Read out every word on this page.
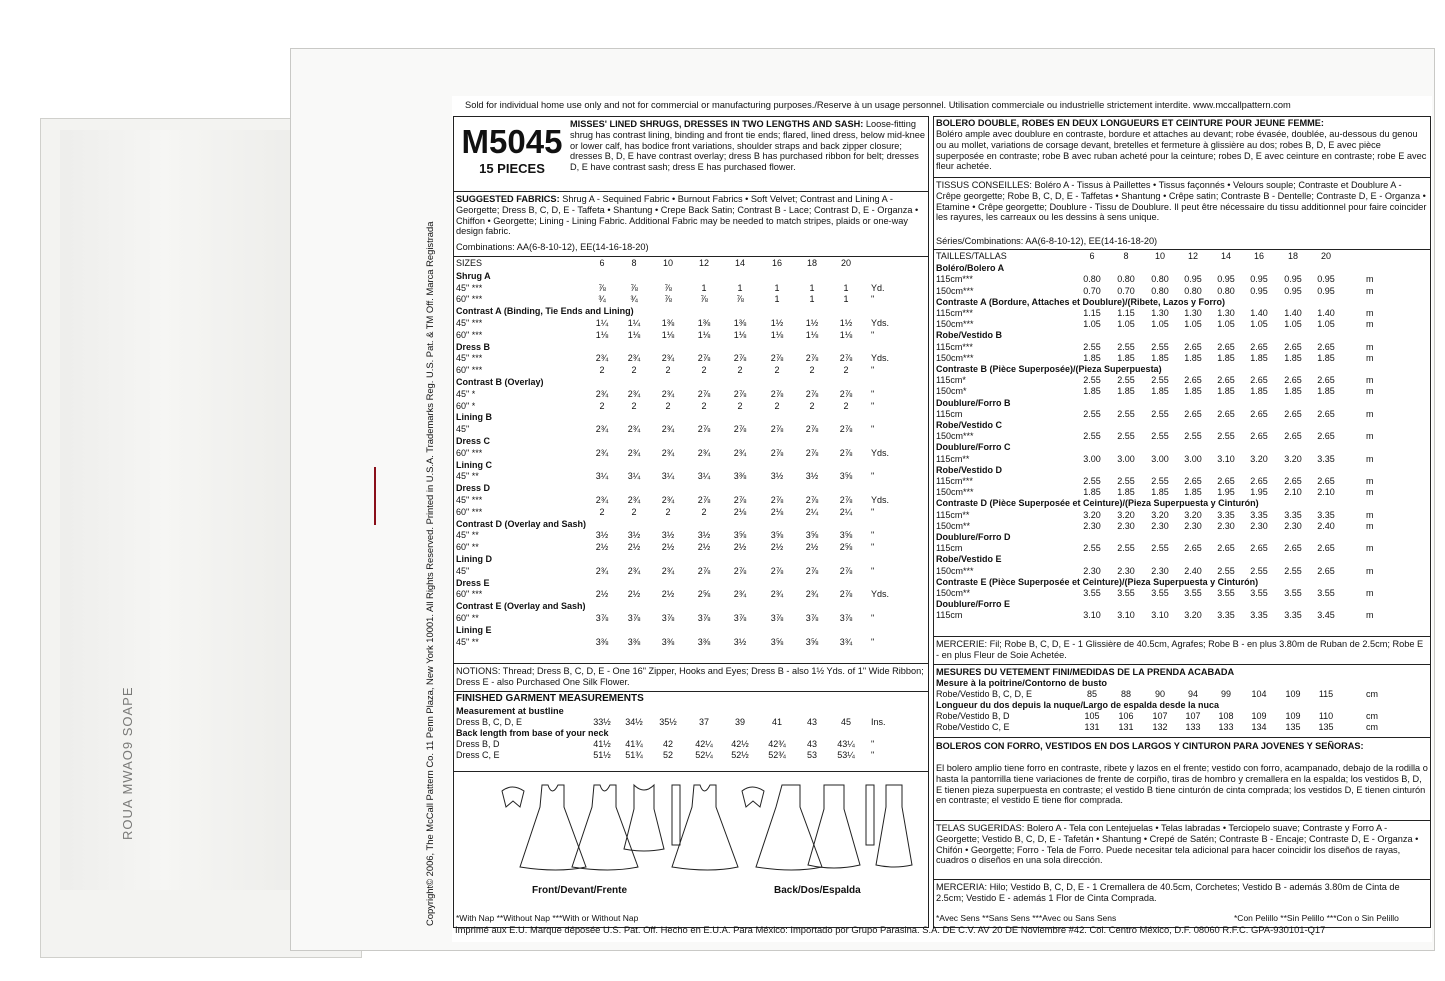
ROUA MWAO9 SOAPE
Sold for individual home use only and not for commercial or manufacturing purposes./Reserve à un usage personnel. Utilisation commerciale ou industrielle strictement interdite. www.mccallpattern.com
Copyright© 2006, The McCall Pattern Co. 11 Penn Plaza, New York 10001. All Rights Reserved. Printed in U.S.A. Trademarks Reg. U.S. Pat. & TM Off. Marca Registrada
M5045
15 PIECES
MISSES' LINED SHRUGS, DRESSES IN TWO LENGTHS AND SASH: Loose-fitting shrug has contrast lining, binding and front tie ends; flared, lined dress, below mid-knee or lower calf, has bodice front variations, shoulder straps and back zipper closure; dresses B, D, E have contrast overlay; dress B has purchased ribbon for belt; dresses D, E have contrast sash; dress E has purchased flower.
SUGGESTED FABRICS: Shrug A - Sequined Fabric • Burnout Fabrics • Soft Velvet; Contrast and Lining A - Georgette; Dress B, C, D, E - Taffeta • Shantung • Crepe Back Satin; Contrast B - Lace; Contrast D, E - Organza • Chiffon • Georgette; Lining - Lining Fabric. Additional Fabric may be needed to match stripes, plaids or one-way design fabric.
Combinations: AA(6-8-10-12), EE(14-16-18-20)
SIZES	6	8	10	12	14	16	18	20
Shrug A
45" ***	⅞	⅞	⅞	1	1	1	1	1	Yd.
60" ***	¾	¾	⅞	⅞	⅞	1	1	1	"
Contrast A (Binding, Tie Ends and Lining)
45" ***	1¼	1¼	1⅜	1⅜	1⅜	1½	1½	1½	Yds.
60" ***	1⅛	1⅛	1⅛	1⅛	1⅛	1⅛	1⅛	1⅛	"
Dress B
45" ***	2¾	2¾	2¾	2⅞	2⅞	2⅞	2⅞	2⅞	Yds.
60" ***	2	2	2	2	2	2	2	2	"
Contrast B (Overlay)
45" *	2¾	2¾	2¾	2⅞	2⅞	2⅞	2⅞	2⅞	"
60" *	2	2	2	2	2	2	2	2	"
Lining B
45"	2¾	2¾	2¾	2⅞	2⅞	2⅞	2⅞	2⅞	"
Dress C
60" ***	2¾	2¾	2¾	2¾	2¾	2⅞	2⅞	2⅞	Yds.
Lining C
45" **	3¼	3¼	3¼	3¼	3⅜	3½	3½	3⅝	"
Dress D
45" ***	2¾	2¾	2¾	2⅞	2⅞	2⅞	2⅞	2⅞	Yds.
60" ***	2	2	2	2	2⅛	2⅛	2¼	2¼	"
Contrast D (Overlay and Sash)
45" **	3½	3½	3½	3½	3⅝	3⅝	3⅝	3⅝	"
60" **	2½	2½	2½	2½	2½	2½	2½	2⅝	"
Lining D
45"	2¾	2¾	2¾	2⅞	2⅞	2⅞	2⅞	2⅞	"
Dress E
60" ***	2½	2½	2½	2⅝	2¾	2¾	2¾	2⅞	Yds.
Contrast E (Overlay and Sash)
60" **	3⅞	3⅞	3⅞	3⅞	3⅞	3⅞	3⅞	3⅞	"
Lining E
45" **	3⅜	3⅜	3⅜	3⅜	3½	3⅝	3⅝	3¾	"
NOTIONS: Thread; Dress B, C, D, E - One 16" Zipper, Hooks and Eyes; Dress B - also 1½ Yds. of 1" Wide Ribbon; Dress E - also Purchased One Silk Flower.
FINISHED GARMENT MEASUREMENTS
Measurement at bustline
Dress B, C, D, E	33½	34½	35½	37	39	41	43	45	Ins.
Back length from base of your neck
Dress B, D	41½	41¾	42	42¼	42½	42¾	43	43¼	"
Dress C, E	51½	51¾	52	52¼	52½	52¾	53	53¼	"
Front/Devant/Frente	Back/Dos/Espalda
*With Nap **Without Nap ***With or Without Nap
BOLERO DOUBLE, ROBES EN DEUX LONGUEURS ET CEINTURE POUR JEUNE FEMME:
Boléro ample avec doublure en contraste, bordure et attaches au devant; robe évasée, doublée, au-dessous du genou ou au mollet, variations de corsage devant, bretelles et fermeture à glissière au dos; robes B, D, E avec pièce superposée en contraste; robe B avec ruban acheté pour la ceinture; robes D, E avec ceinture en contraste; robe E avec fleur achetée.
TISSUS CONSEILLES: Boléro A - Tissus à Paillettes • Tissus façonnés • Velours souple; Contraste et Doublure A - Crêpe georgette; Robe B, C, D, E - Taffetas • Shantung • Crêpe satin; Contraste B - Dentelle; Contraste D, E - Organza • Etamine • Crêpe georgette; Doublure - Tissu de Doublure. Il peut être nécessaire du tissu additionnel pour faire coincider les rayures, les carreaux ou les dessins à sens unique.
Séries/Combinations: AA(6-8-10-12), EE(14-16-18-20)
TAILLES/TALLAS	6	8	10	12	14	16	18	20
Boléro/Bolero A
115cm***	0.80	0.80	0.80	0.95	0.95	0.95	0.95	0.95	m
150cm***	0.70	0.70	0.80	0.80	0.80	0.95	0.95	0.95	m
Contraste A (Bordure, Attaches et Doublure)/(Ribete, Lazos y Forro)
115cm***	1.15	1.15	1.30	1.30	1.30	1.40	1.40	1.40	m
150cm***	1.05	1.05	1.05	1.05	1.05	1.05	1.05	1.05	m
Robe/Vestido B
115cm***	2.55	2.55	2.55	2.65	2.65	2.65	2.65	2.65	m
150cm***	1.85	1.85	1.85	1.85	1.85	1.85	1.85	1.85	m
Contraste B (Pièce Superposée)/(Pieza Superpuesta)
115cm*	2.55	2.55	2.55	2.65	2.65	2.65	2.65	2.65	m
150cm*	1.85	1.85	1.85	1.85	1.85	1.85	1.85	1.85	m
Doublure/Forro B
115cm	2.55	2.55	2.55	2.65	2.65	2.65	2.65	2.65	m
Robe/Vestido C
150cm***	2.55	2.55	2.55	2.55	2.55	2.65	2.65	2.65	m
Doublure/Forro C
115cm**	3.00	3.00	3.00	3.00	3.10	3.20	3.20	3.35	m
Robe/Vestido D
115cm***	2.55	2.55	2.55	2.65	2.65	2.65	2.65	2.65	m
150cm***	1.85	1.85	1.85	1.85	1.95	1.95	2.10	2.10	m
Contraste D (Pièce Superposée et Ceinture)/(Pieza Superpuesta y Cinturón)
115cm**	3.20	3.20	3.20	3.20	3.35	3.35	3.35	3.35	m
150cm**	2.30	2.30	2.30	2.30	2.30	2.30	2.30	2.40	m
Doublure/Forro D
115cm	2.55	2.55	2.55	2.65	2.65	2.65	2.65	2.65	m
Robe/Vestido E
150cm***	2.30	2.30	2.30	2.40	2.55	2.55	2.55	2.65	m
Contraste E (Pièce Superposée et Ceinture)/(Pieza Superpuesta y Cinturón)
150cm**	3.55	3.55	3.55	3.55	3.55	3.55	3.55	3.55	m
Doublure/Forro E
115cm	3.10	3.10	3.10	3.20	3.35	3.35	3.35	3.45	m
MERCERIE: Fil; Robe B, C, D, E - 1 Glissière de 40.5cm, Agrafes; Robe B - en plus 3.80m de Ruban de 2.5cm; Robe E - en plus Fleur de Soie Achetée.
MESURES DU VETEMENT FINI/MEDIDAS DE LA PRENDA ACABADA
Mesure à la poitrine/Contorno de busto
Robe/Vestido B, C, D, E	85	88	90	94	99	104	109	115	cm
Longueur du dos depuis la nuque/Largo de espalda desde la nuca
Robe/Vestido B, D	105	106	107	107	108	109	109	110	cm
Robe/Vestido C, E	131	131	132	133	133	134	135	135	cm
BOLEROS CON FORRO, VESTIDOS EN DOS LARGOS Y CINTURON PARA JOVENES Y SEÑORAS:
El bolero amplio tiene forro en contraste, ribete y lazos en el frente; vestido con forro, acampanado, debajo de la rodilla o hasta la pantorrilla tiene variaciones de frente de corpiño, tiras de hombro y cremallera en la espalda; los vestidos B, D, E tienen pieza superpuesta en contraste; el vestido B tiene cinturón de cinta comprada; los vestidos D, E tienen cinturón en contraste; el vestido E tiene flor comprada.
TELAS SUGERIDAS: Bolero A - Tela con Lentejuelas • Telas labradas • Terciopelo suave; Contraste y Forro A - Georgette; Vestido B, C, D, E - Tafetán • Shantung • Crepé de Satén; Contraste B - Encaje; Contraste D, E - Organza • Chifón • Georgette; Forro - Tela de Forro. Puede necesitar tela adicional para hacer coincidir los diseños de rayas, cuadros o diseños en una sola dirección.
MERCERIA: Hilo; Vestido B, C, D, E - 1 Cremallera de 40.5cm, Corchetes; Vestido B - además 3.80m de Cinta de 2.5cm; Vestido E - además 1 Flor de Cinta Comprada.
*Avec Sens **Sans Sens ***Avec ou Sans Sens	*Con Pelillo **Sin Pelillo ***Con o Sin Pelillo
Imprimé aux E.U. Marque déposée U.S. Pat. Off. Hecho en E.U.A. Para México: Importado por Grupo Parasina. S.A. DE C.V. AV 20 DE Noviembre #42. Col. Centro México, D.F. 08060 R.F.C. GPA-930101-Q17
